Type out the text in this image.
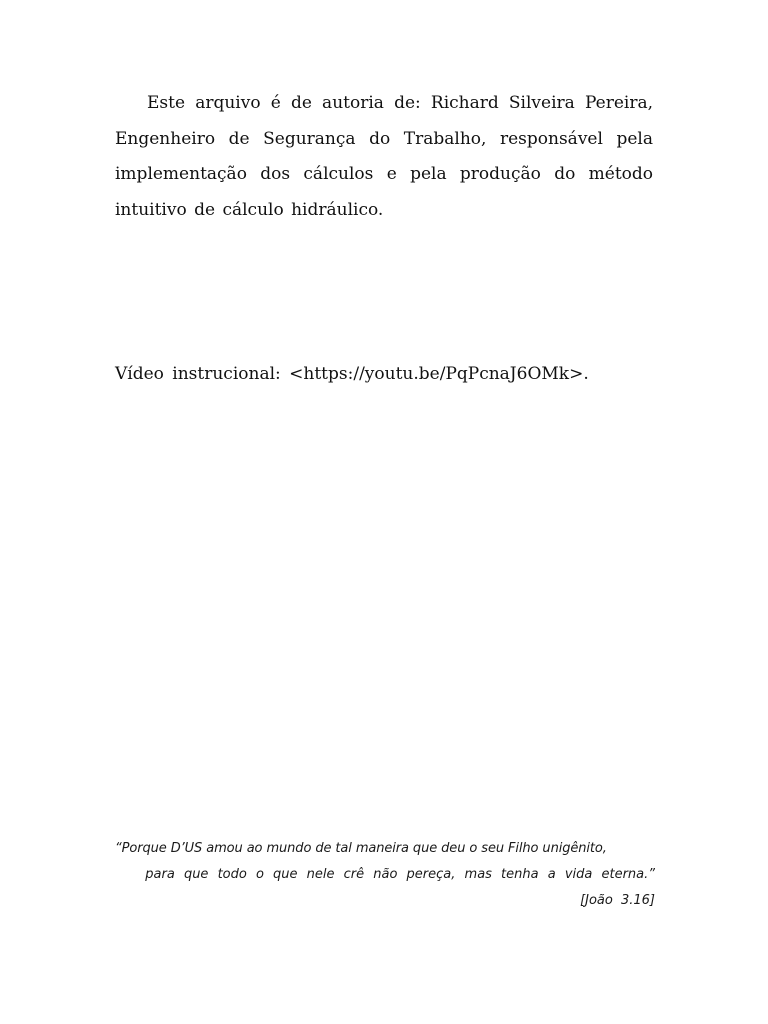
Este arquivo é de autoria de: Richard Silveira Pereira, Engenheiro de Segurança do Trabalho, responsável pela implementação dos cálculos e pela produção do método intuitivo de cálculo hidráulico.

Vídeo instrucional: <https://youtu.be/PqPcnaJ6OMk>.

“Porque D’US amou ao mundo de tal maneira que deu o seu Filho unigênito,
para que todo o que nele crê não pereça, mas tenha a vida eterna.”
[João 3.16]
